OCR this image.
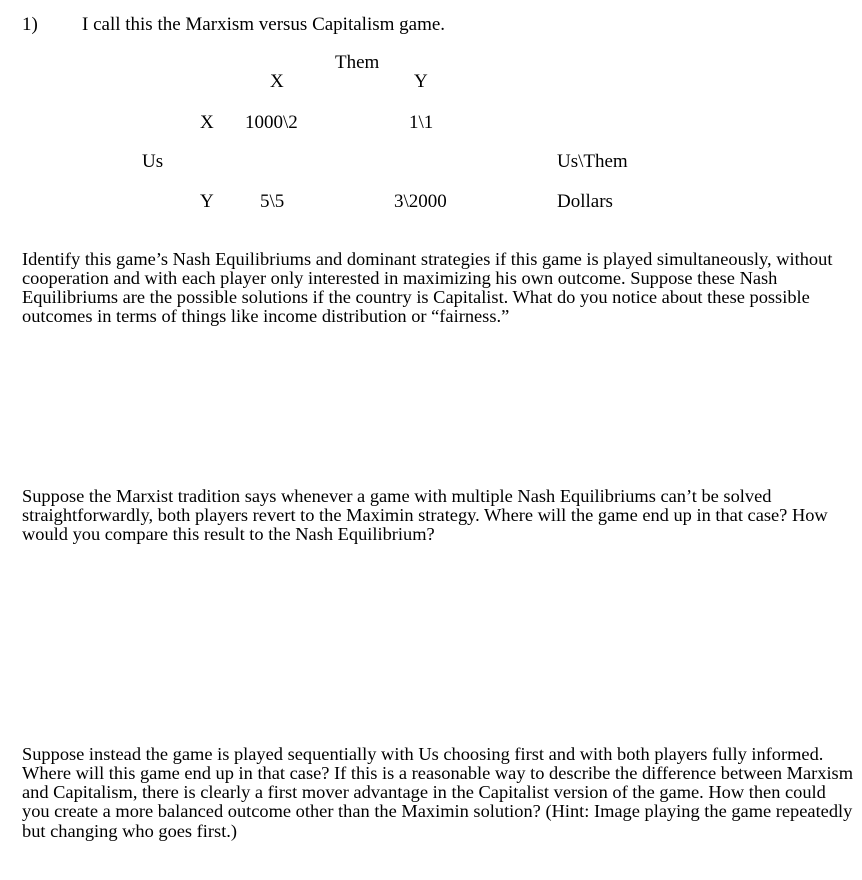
1) I call this the Marxism versus Capitalism game.
Them
X	Y
X 1000\2	1\1
Us	Us\Them
Y 5\5	3\2000	Dollars

Identify this game’s Nash Equilibriums and dominant strategies if this game is played simultaneously, without cooperation and with each player only interested in maximizing his own outcome. Suppose these Nash Equilibriums are the possible solutions if the country is Capitalist. What do you notice about these possible outcomes in terms of things like income distribution or “fairness.”

Suppose the Marxist tradition says whenever a game with multiple Nash Equilibriums can’t be solved straightforwardly, both players revert to the Maximin strategy. Where will the game end up in that case? How would you compare this result to the Nash Equilibrium?

Suppose instead the game is played sequentially with Us choosing first and with both players fully informed. Where will this game end up in that case? If this is a reasonable way to describe the difference between Marxism and Capitalism, there is clearly a first mover advantage in the Capitalist version of the game. How then could you create a more balanced outcome other than the Maximin solution? (Hint: Image playing the game repeatedly but changing who goes first.)
